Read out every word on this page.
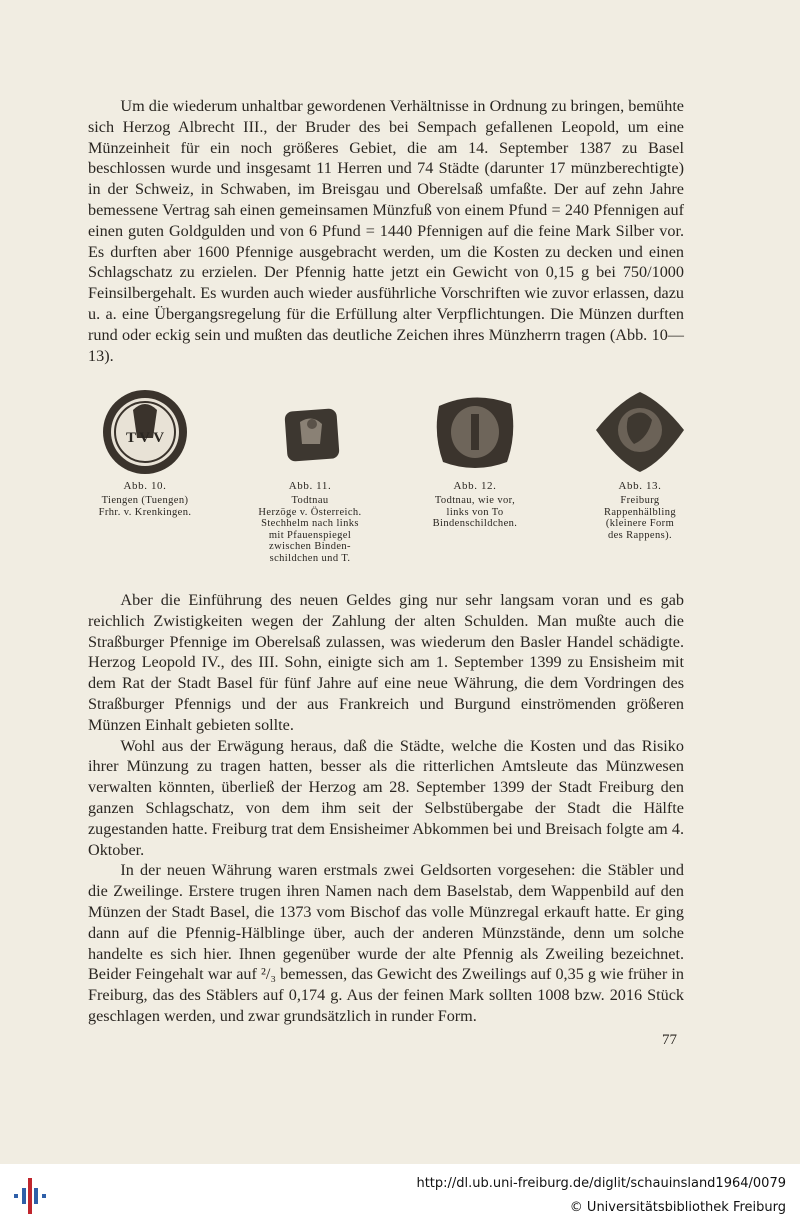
Um die wiederum unhaltbar gewordenen Verhältnisse in Ordnung zu bringen, bemühte sich Herzog Albrecht III., der Bruder des bei Sempach gefallenen Leopold, um eine Münzeinheit für ein noch größeres Gebiet, die am 14. September 1387 zu Basel beschlossen wurde und insgesamt 11 Herren und 74 Städte (darunter 17 münzberechtigte) in der Schweiz, in Schwaben, im Breisgau und Oberelsaß umfaßte. Der auf zehn Jahre bemessene Vertrag sah einen gemeinsamen Münzfuß von einem Pfund = 240 Pfennigen auf einen guten Goldgulden und von 6 Pfund = 1440 Pfennigen auf die feine Mark Silber vor. Es durften aber 1600 Pfennige ausgebracht werden, um die Kosten zu decken und einen Schlagschatz zu erzielen. Der Pfennig hatte jetzt ein Gewicht von 0,15 g bei 750/1000 Feinsilbergehalt. Es wurden auch wieder ausführliche Vorschriften wie zuvor erlassen, dazu u. a. eine Übergangsregelung für die Erfüllung alter Verpflichtungen. Die Münzen durften rund oder eckig sein und mußten das deutliche Zeichen ihres Münzherrn tragen (Abb. 10—13).

T V V
Abb. 10.
Tiengen (Tuengen)
Frhr. v. Krenkingen.
Abb. 11.
Todtnau
Herzöge v. Österreich.
Stechhelm nach links
mit Pfauenspiegel
zwischen Binden-
schildchen und T.
Abb. 12.
Todtnau, wie vor,
links von To
Bindenschildchen.
Abb. 13.
Freiburg
Rappenhälbling
(kleinere Form
des Rappens).

Aber die Einführung des neuen Geldes ging nur sehr langsam voran und es gab reichlich Zwistigkeiten wegen der Zahlung der alten Schulden. Man mußte auch die Straßburger Pfennige im Oberelsaß zulassen, was wiederum den Basler Handel schädigte. Herzog Leopold IV., des III. Sohn, einigte sich am 1. September 1399 zu Ensisheim mit dem Rat der Stadt Basel für fünf Jahre auf eine neue Währung, die dem Vordringen des Straßburger Pfennigs und der aus Frankreich und Burgund einströmenden größeren Münzen Einhalt gebieten sollte.

Wohl aus der Erwägung heraus, daß die Städte, welche die Kosten und das Risiko ihrer Münzung zu tragen hatten, besser als die ritterlichen Amtsleute das Münzwesen verwalten könnten, überließ der Herzog am 28. September 1399 der Stadt Freiburg den ganzen Schlagschatz, von dem ihm seit der Selbstübergabe der Stadt die Hälfte zugestanden hatte. Freiburg trat dem Ensisheimer Abkommen bei und Breisach folgte am 4. Oktober.

In der neuen Währung waren erstmals zwei Geldsorten vorgesehen: die Stäbler und die Zweilinge. Erstere trugen ihren Namen nach dem Baselstab, dem Wappenbild auf den Münzen der Stadt Basel, die 1373 vom Bischof das volle Münzregal erkauft hatte. Er ging dann auf die Pfennig-Hälblinge über, auch der anderen Münzstände, denn um solche handelte es sich hier. Ihnen gegenüber wurde der alte Pfennig als Zweiling bezeichnet. Beider Feingehalt war auf ²/₃ bemessen, das Gewicht des Zweilings auf 0,35 g wie früher in Freiburg, das des Stäblers auf 0,174 g. Aus der feinen Mark sollten 1008 bzw. 2016 Stück geschlagen werden, und zwar grundsätzlich in runder Form.

77
http://dl.ub.uni-freiburg.de/diglit/schauinsland1964/0079
© Universitätsbibliothek Freiburg
